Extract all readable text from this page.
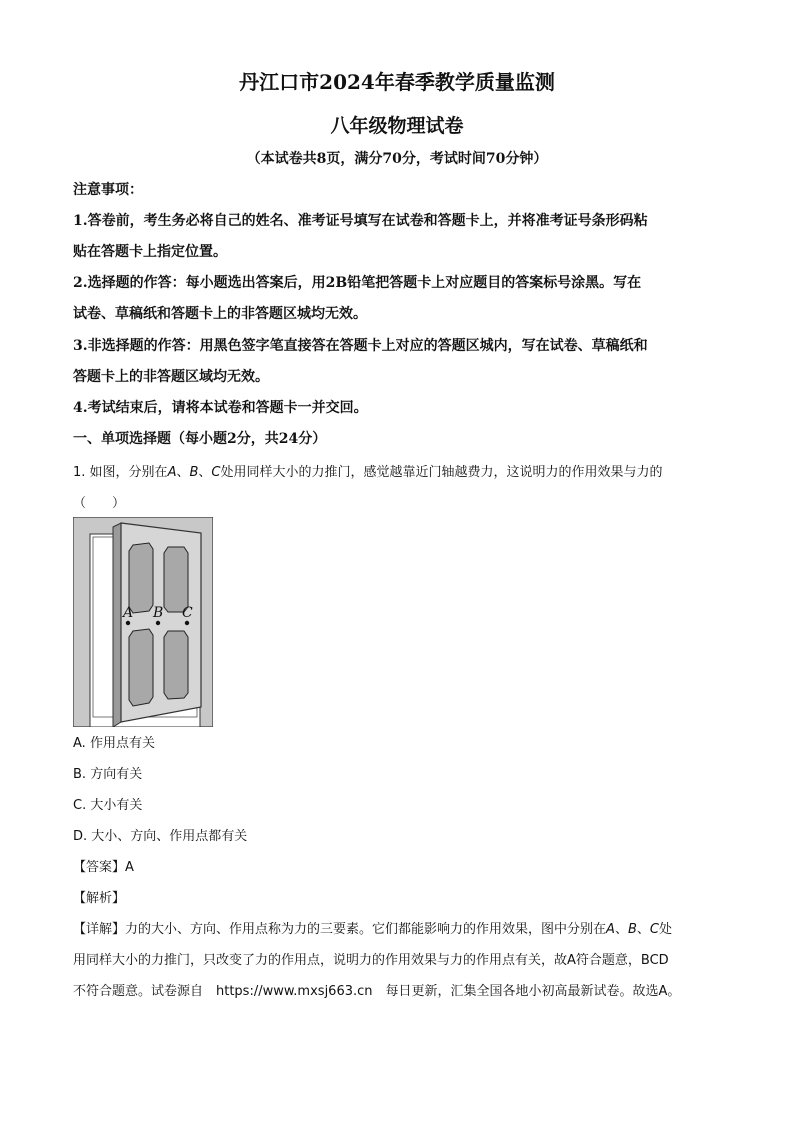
丹江口市2024年春季教学质量监测
八年级物理试卷
（本试卷共8页，满分70分，考试时间70分钟）
注意事项：
1.答卷前，考生务必将自己的姓名、准考证号填写在试卷和答题卡上，并将准考证号条形码粘
贴在答题卡上指定位置。
2.选择题的作答：每小题选出答案后，用2B铅笔把答题卡上对应题目的答案标号涂黑。写在
试卷、草稿纸和答题卡上的非答题区城均无效。
3.非选择题的作答：用黑色签字笔直接答在答题卡上对应的答题区城内，写在试卷、草稿纸和
答题卡上的非答题区域均无效。
4.考试结束后，请将本试卷和答题卡一并交回。
一、单项选择题（每小题2分，共24分）
1. 如图，分别在A、B、C处用同样大小的力推门，感觉越靠近门轴越费力，这说明力的作用效果与力的
（　　）
A B C
A. 作用点有关
B. 方向有关
C. 大小有关
D. 大小、方向、作用点都有关
【答案】A
【解析】
【详解】力的大小、方向、作用点称为力的三要素。它们都能影响力的作用效果，图中分别在A、B、C处
用同样大小的力推门，只改变了力的作用点，说明力的作用效果与力的作用点有关，故A符合题意，BCD
不符合题意。试卷源自　https://www.mxsj663.cn　每日更新，汇集全国各地小初高最新试卷。故选A。
